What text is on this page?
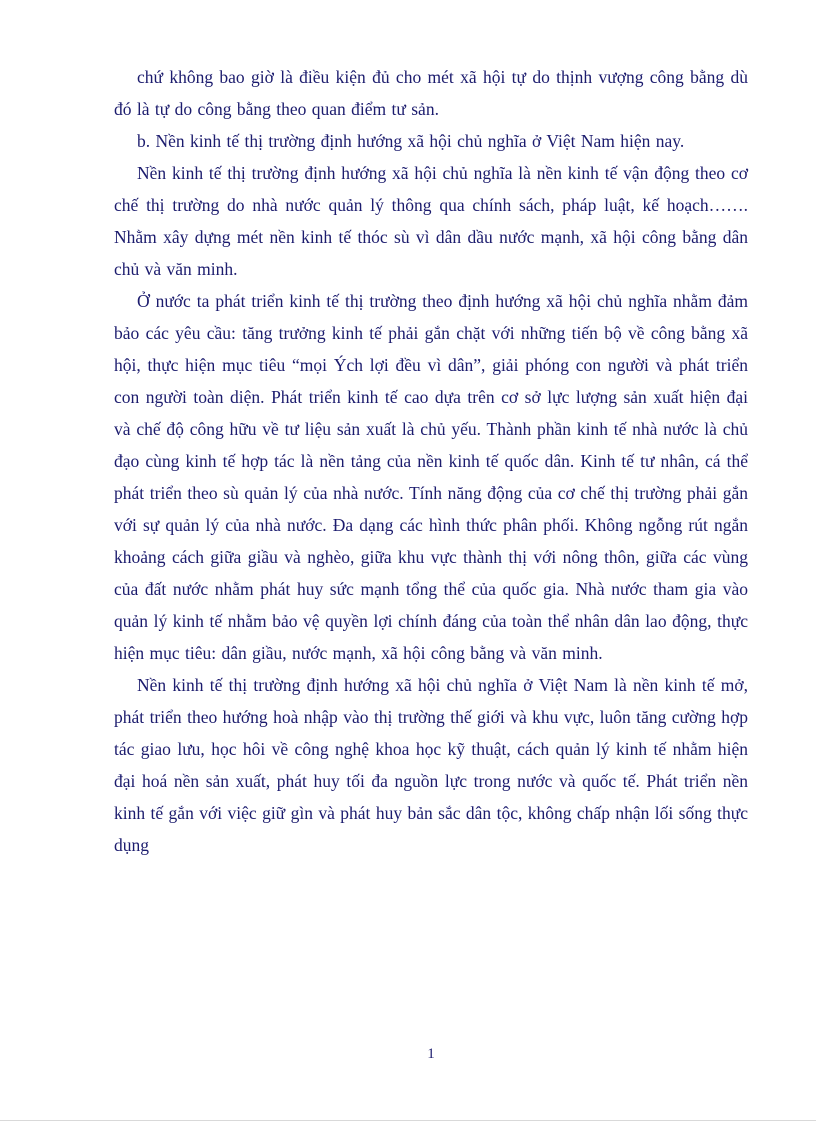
chứ không bao giờ là điều kiện đủ cho mét xã hội tự do thịnh vượng công bằng dù đó là tự do công bằng theo quan điểm tư sản.

b. Nền kinh tế thị trường định hướng xã hội chủ nghĩa ở Việt Nam hiện nay.

Nền kinh tế thị trường định hướng xã hội chủ nghĩa là nền kinh tế vận động theo cơ chế thị trường do nhà nước quản lý thông qua chính sách, pháp luật, kế hoạch……. Nhằm xây dựng mét nền kinh tế thóc sù vì dân dầu nước mạnh, xã hội công bằng dân chủ và văn minh.

Ở nước ta phát triển kinh tế thị trường theo định hướng xã hội chủ nghĩa nhằm đảm bảo các yêu cầu: tăng trưởng kinh tế phải gắn chặt với những tiến bộ về công bằng xã hội, thực hiện mục tiêu “mọi Ých lợi đều vì dân”, giải phóng con người và phát triển con người toàn diện. Phát triển kinh tế cao dựa trên cơ sở lực lượng sản xuất hiện đại và chế độ công hữu về tư liệu sản xuất là chủ yếu. Thành phần kinh tế nhà nước là chủ đạo cùng kinh tế hợp tác là nền tảng của nền kinh tế quốc dân. Kinh tế tư nhân, cá thể phát triển theo sù quản lý của nhà nước. Tính năng động của cơ chế thị trường phải gắn với sự quản lý của nhà nước. Đa dạng các hình thức phân phối. Không ngỗng rút ngắn khoảng cách giữa giầu và nghèo, giữa khu vực thành thị với nông thôn, giữa các vùng của đất nước nhằm phát huy sức mạnh tổng thể của quốc gia. Nhà nước tham gia vào quản lý kinh tế nhằm bảo vệ quyền lợi chính đáng của toàn thể nhân dân lao động, thực hiện mục tiêu: dân giầu, nước mạnh, xã hội công bằng và văn minh.

Nền kinh tế thị trường định hướng xã hội chủ nghĩa ở Việt Nam là nền kinh tế mở, phát triển theo hướng hoà nhập vào thị trường thế giới và khu vực, luôn tăng cường hợp tác giao lưu, học hôi về công nghệ khoa học kỹ thuật, cách quản lý kinh tế nhằm hiện đại hoá nền sản xuất, phát huy tối đa nguồn lực trong nước và quốc tế. Phát triển nền kinh tế gắn với việc giữ gìn và phát huy bản sắc dân tộc, không chấp nhận lối sống thực dụng

1
